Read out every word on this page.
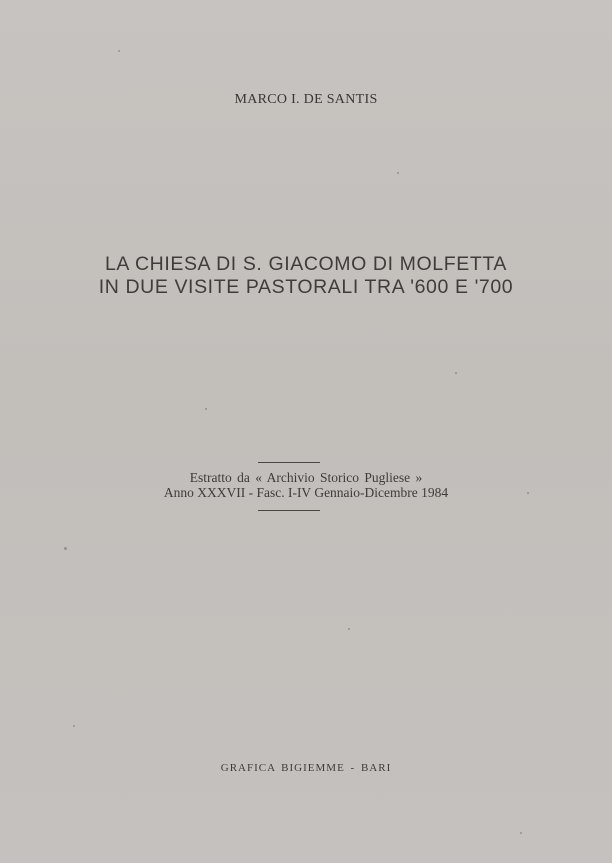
MARCO I. DE SANTIS
LA CHIESA DI S. GIACOMO DI MOLFETTA
IN DUE VISITE PASTORALI TRA '600 E '700
Estratto da « Archivio Storico Pugliese »
Anno XXXVII - Fasc. I-IV Gennaio-Dicembre 1984
GRAFICA BIGIEMME - BARI
